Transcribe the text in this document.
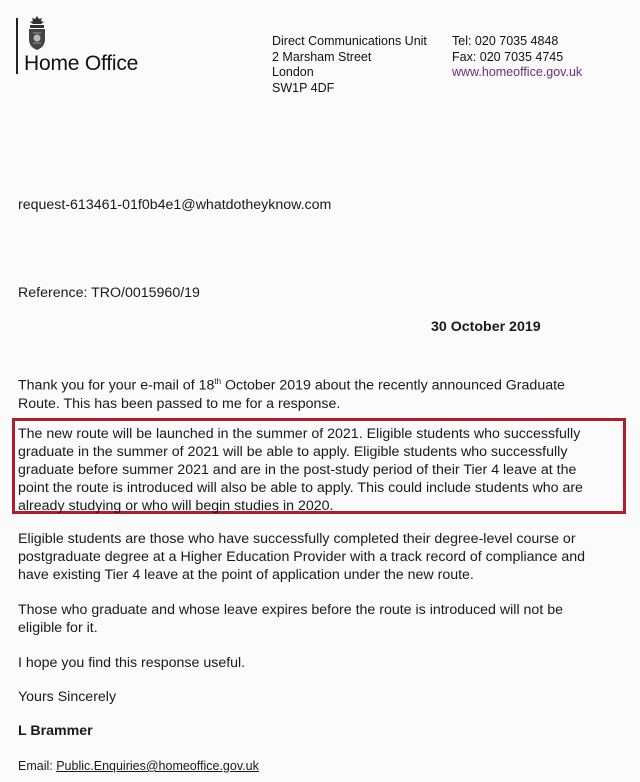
Home Office
Direct Communications Unit
2 Marsham Street
London
SW1P 4DF
Tel: 020 7035 4848
Fax: 020 7035 4745
www.homeoffice.gov.uk
request-613461-01f0b4e1@whatdotheyknow.com
Reference: TRO/0015960/19
30 October 2019
Thank you for your e-mail of 18th October 2019 about the recently announced Graduate
Route. This has been passed to me for a response.
The new route will be launched in the summer of 2021. Eligible students who successfully
graduate in the summer of 2021 will be able to apply. Eligible students who successfully
graduate before summer 2021 and are in the post-study period of their Tier 4 leave at the
point the route is introduced will also be able to apply. This could include students who are
already studying or who will begin studies in 2020.
Eligible students are those who have successfully completed their degree-level course or
postgraduate degree at a Higher Education Provider with a track record of compliance and
have existing Tier 4 leave at the point of application under the new route.
Those who graduate and whose leave expires before the route is introduced will not be
eligible for it.
I hope you find this response useful.
Yours Sincerely
L Brammer
Email: Public.Enquiries@homeoffice.gov.uk
